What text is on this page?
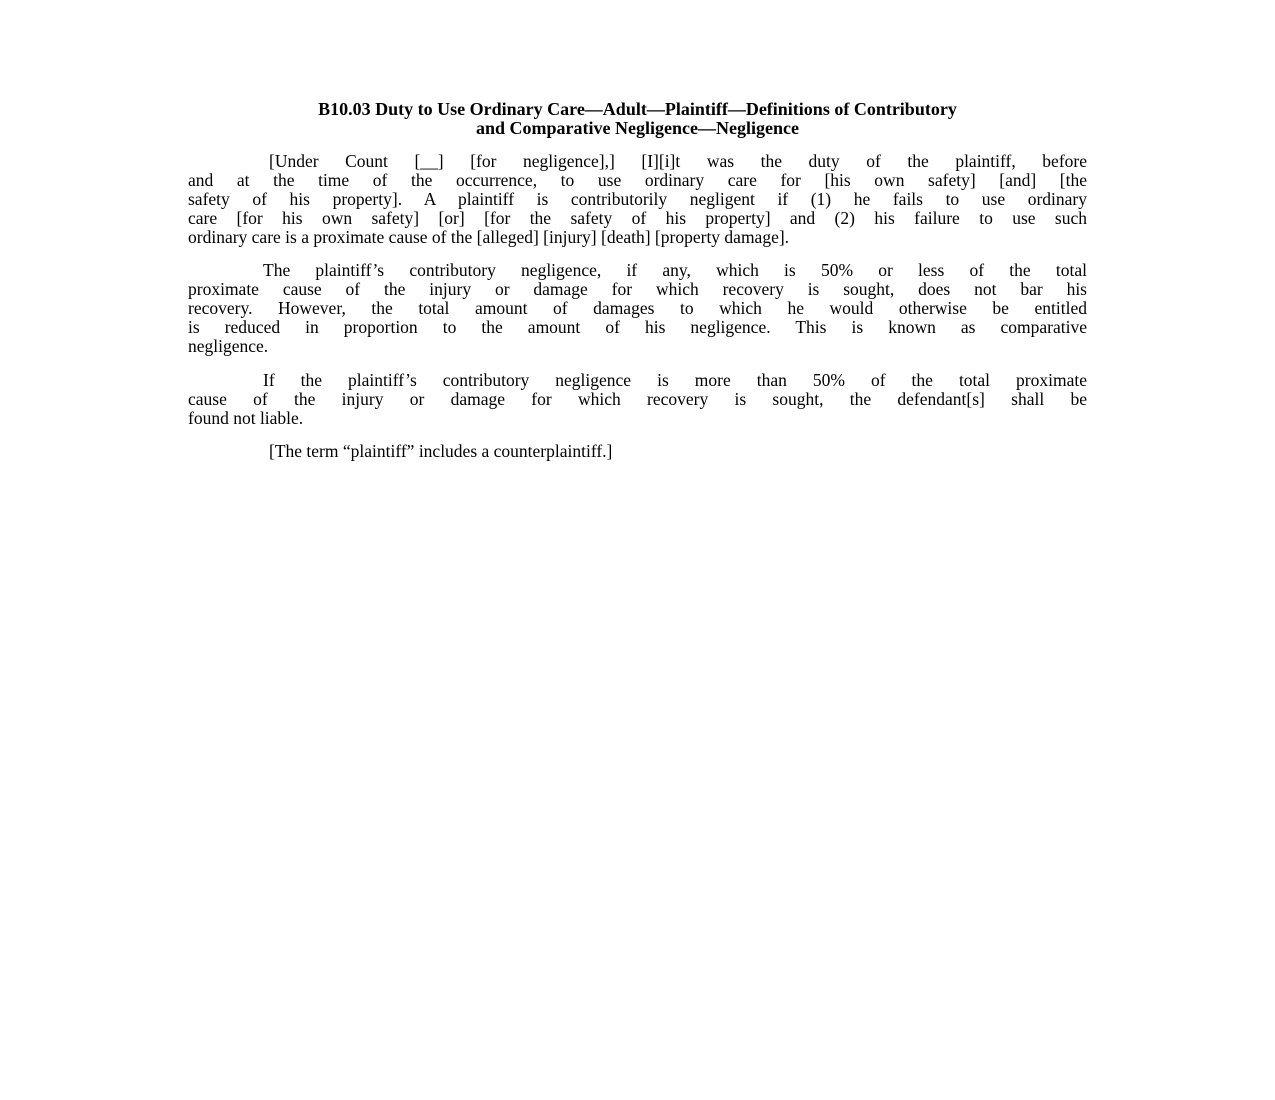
B10.03 Duty to Use Ordinary Care—Adult—Plaintiff—Definitions of Contributory
and Comparative Negligence—Negligence
[Under Count [__] [for negligence],] [I][i]t was the duty of the plaintiff, before
and at the time of the occurrence, to use ordinary care for [his own safety] [and] [the
safety of his property]. A plaintiff is contributorily negligent if (1) he fails to use ordinary
care [for his own safety] [or] [for the safety of his property] and (2) his failure to use such
ordinary care is a proximate cause of the [alleged] [injury] [death] [property damage].
The plaintiff’s contributory negligence, if any, which is 50% or less of the total
proximate cause of the injury or damage for which recovery is sought, does not bar his
recovery. However, the total amount of damages to which he would otherwise be entitled
is reduced in proportion to the amount of his negligence. This is known as comparative
negligence.
If the plaintiff’s contributory negligence is more than 50% of the total proximate
cause of the injury or damage for which recovery is sought, the defendant[s] shall be
found not liable.
[The term “plaintiff” includes a counterplaintiff.]
